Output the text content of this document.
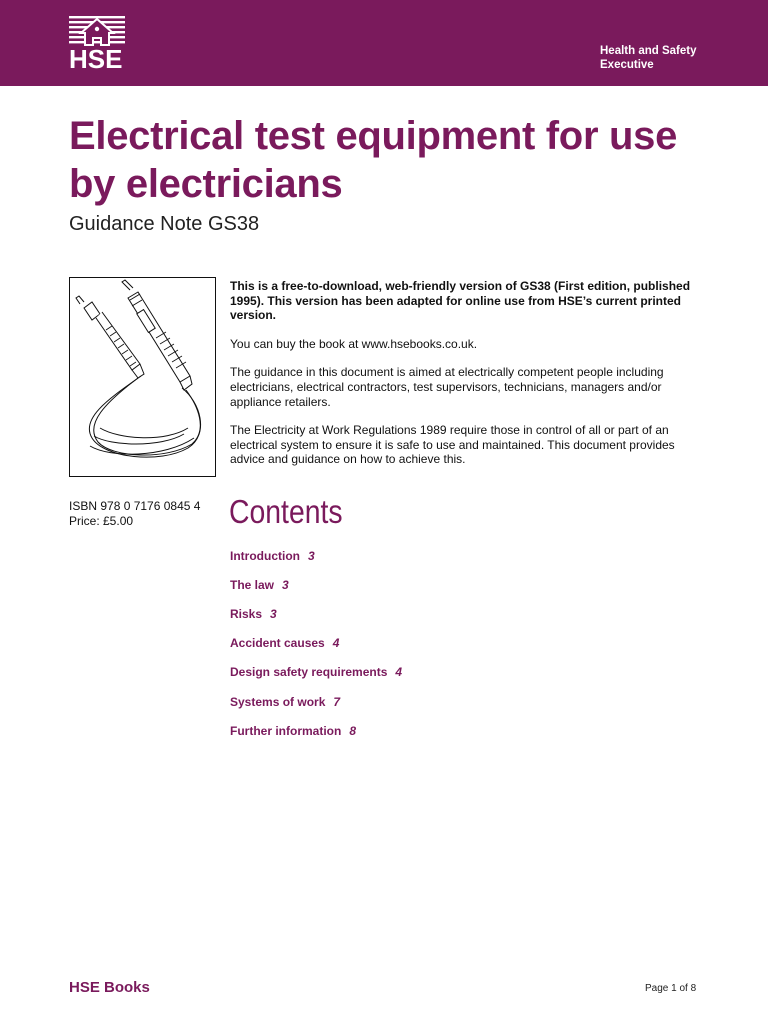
HSE	Health and Safety
Executive
Electrical test equipment for use by electricians
Guidance Note GS38

This is a free-to-download, web-friendly version of GS38 (First edition, published 1995). This version has been adapted for online use from HSE’s current printed version.

You can buy the book at www.hsebooks.co.uk.

The guidance in this document is aimed at electrically competent people including electricians, electrical contractors, test supervisors, technicians, managers and/or appliance retailers.

The Electricity at Work Regulations 1989 require those in control of all or part of an electrical system to ensure it is safe to use and maintained. This document provides advice and guidance on how to achieve this.

ISBN 978 0 7176 0845 4
Price: £5.00	Contents
Introduction 3
The law 3
Risks 3
Accident causes 4
Design safety requirements 4
Systems of work 7
Further information 8
HSE Books	Page 1 of 8
